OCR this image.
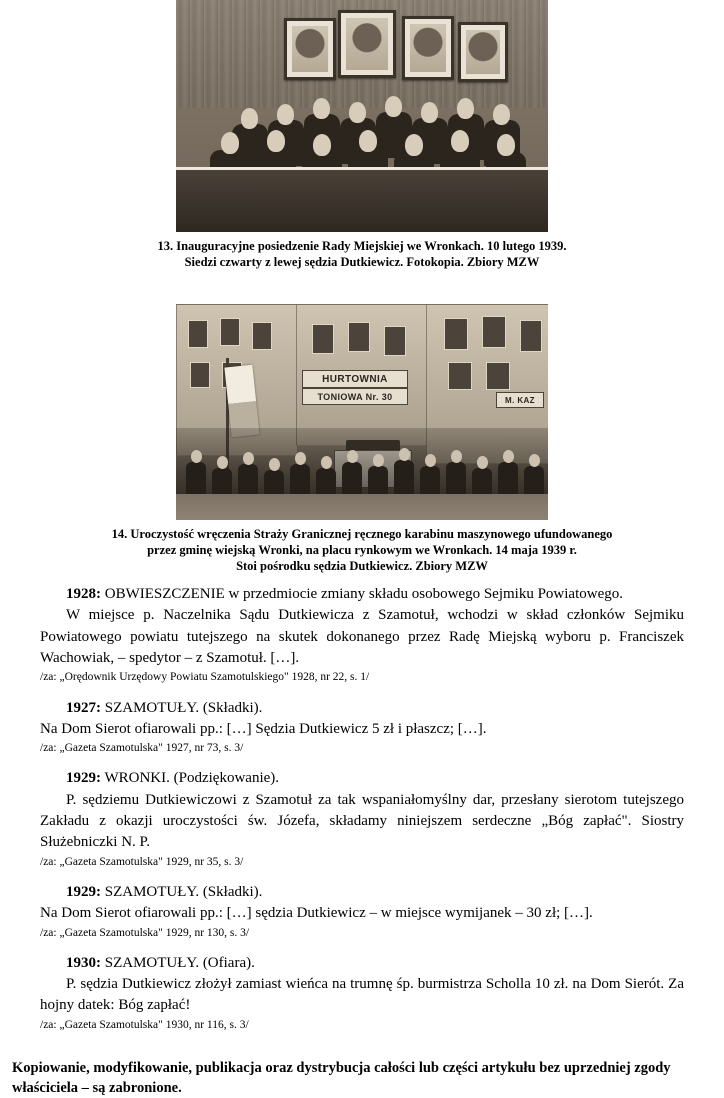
13. Inauguracyjne posiedzenie Rady Miejskiej we Wronkach. 10 lutego 1939.
Siedzi czwarty z lewej sędzia Dutkiewicz. Fotokopia. Zbiory MZW
HURTOWNIA
TONIOWA Nr. 30	M. KAZ
14. Uroczystość wręczenia Straży Granicznej ręcznego karabinu maszynowego ufundowanego
przez gminę wiejską Wronki, na placu rynkowym we Wronkach. 14 maja 1939 r.
Stoi pośrodku sędzia Dutkiewicz. Zbiory MZW

1928: OBWIESZCZENIE w przedmiocie zmiany składu osobowego Sejmiku Powiatowego.

W miejsce p. Naczelnika Sądu Dutkiewicza z Szamotuł, wchodzi w skład członków Sejmiku Powiatowego powiatu tutejszego na skutek dokonanego przez Radę Miejską wyboru p. Franciszek Wachowiak, – spedytor – z Szamotuł. […].

/za: „Orędownik Urzędowy Powiatu Szamotulskiego" 1928, nr 22, s. 1/

1927: SZAMOTUŁY. (Składki).

Na Dom Sierot ofiarowali pp.: […] Sędzia Dutkiewicz 5 zł i płaszcz; […].

/za: „Gazeta Szamotulska" 1927, nr 73, s. 3/

1929: WRONKI. (Podziękowanie).

P. sędziemu Dutkiewiczowi z Szamotuł za tak wspaniałomyślny dar, przesłany sierotom tutejszego Zakładu z okazji uroczystości św. Józefa, składamy niniejszem serdeczne „Bóg zapłać". Siostry Służebniczki N. P.

/za: „Gazeta Szamotulska" 1929, nr 35, s. 3/

1929: SZAMOTUŁY. (Składki).

Na Dom Sierot ofiarowali pp.: […] sędzia Dutkiewicz – w miejsce wymijanek – 30 zł; […].

/za: „Gazeta Szamotulska" 1929, nr 130, s. 3/

1930: SZAMOTUŁY. (Ofiara).

P. sędzia Dutkiewicz złożył zamiast wieńca na trumnę śp. burmistrza Scholla 10 zł. na Dom Sierót. Za hojny datek: Bóg zapłać!

/za: „Gazeta Szamotulska" 1930, nr 116, s. 3/

Kopiowanie, modyfikowanie, publikacja oraz dystrybucja całości lub części artykułu bez uprzedniej zgody właściciela – są zabronione.
